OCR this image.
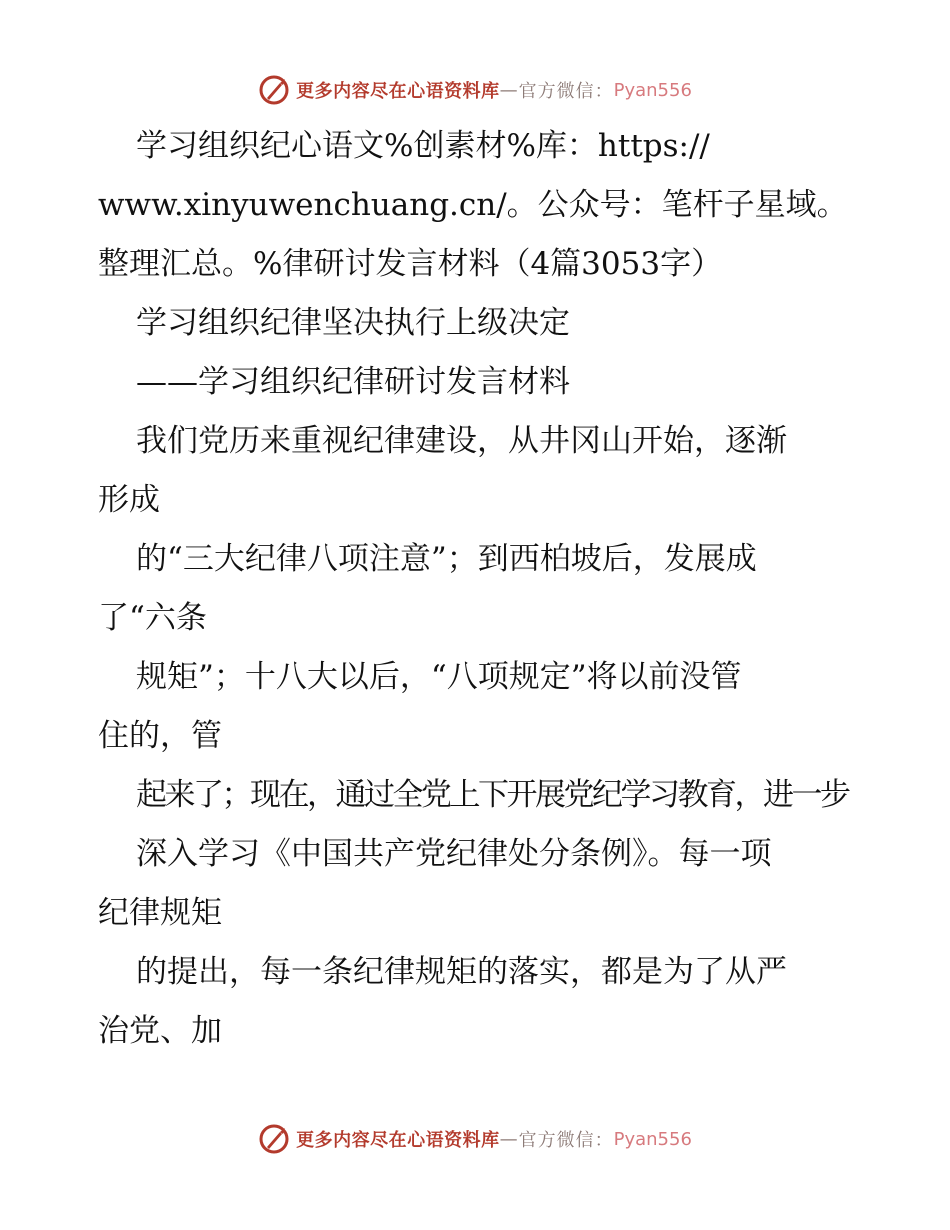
更多内容尽在心语资料库 — 官方微信： Pyan556
学习组织纪心语文%创素材%库：https://
www.xinyuwenchuang.cn/。公众号：笔杆子星域。
整理汇总。%律研讨发言材料（4篇3053字）
学习组织纪律坚决执行上级决定
——学习组织纪律研讨发言材料
我们党历来重视纪律建设，从井冈山开始，逐渐
形成
的“三大纪律八项注意”；到西柏坡后，发展成
了“六条
规矩”；十八大以后，“八项规定”将以前没管
住的，管
起来了；现在，通过全党上下开展党纪学习教育，进一步
深入学习《中国共产党纪律处分条例》。每一项
纪律规矩
的提出，每一条纪律规矩的落实，都是为了从严
治党、加
更多内容尽在心语资料库 — 官方微信： Pyan556
